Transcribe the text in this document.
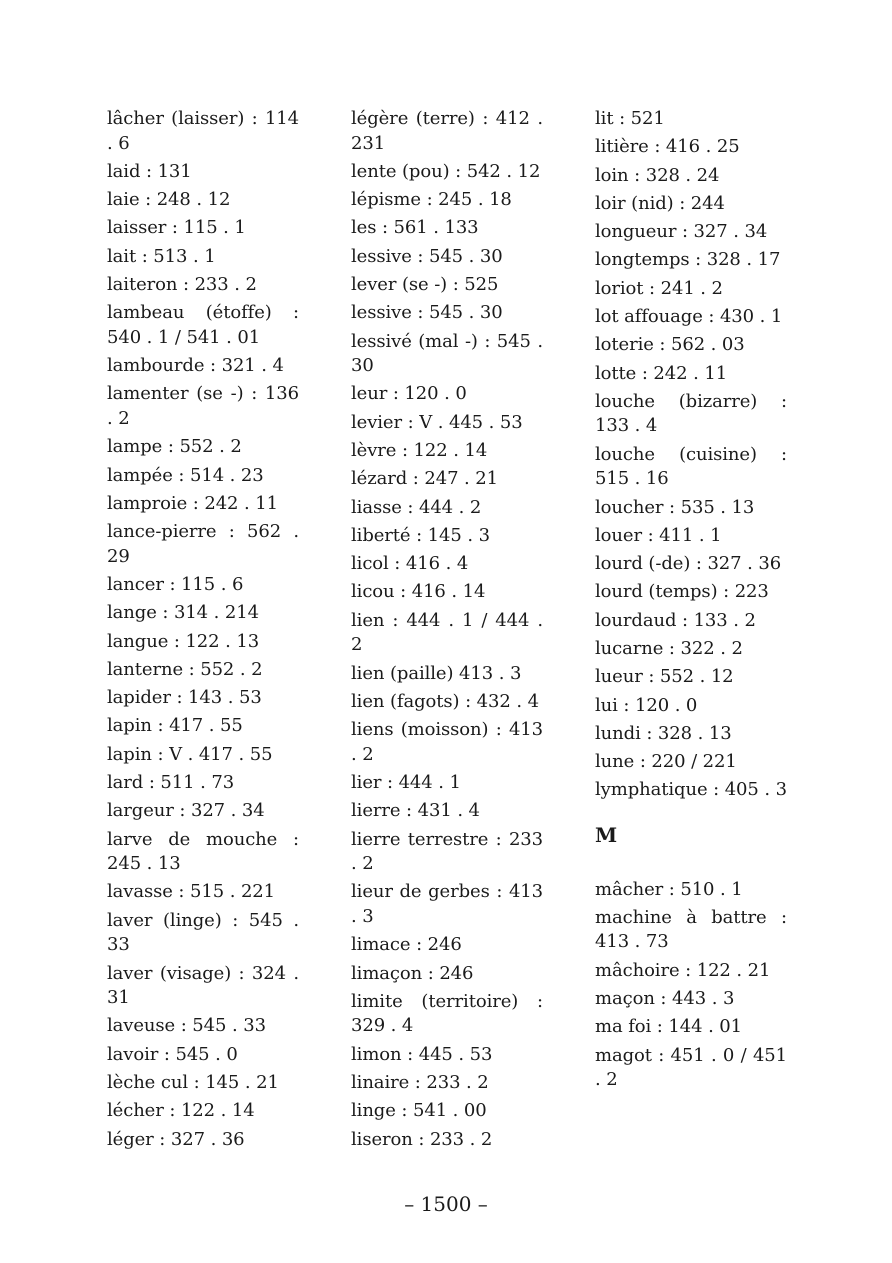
lâcher (laisser) : 114 . 6
laid : 131
laie : 248 . 12
laisser : 115 . 1
lait : 513 . 1
laiteron : 233 . 2
lambeau (étoffe) : 540 . 1 / 541 . 01
lambourde : 321 . 4
lamenter (se -) : 136 . 2
lampe : 552 . 2
lampée : 514 . 23
lamproie : 242 . 11
lance-pierre : 562 . 29
lancer : 115 . 6
lange : 314 . 214
langue : 122 . 13
lanterne : 552 . 2
lapider : 143 . 53
lapin : 417 . 55
lapin : V . 417 . 55
lard : 511 . 73
largeur : 327 . 34
larve de mouche : 245 . 13
lavasse : 515 . 221
laver (linge) : 545 . 33
laver (visage) : 324 . 31
laveuse : 545 . 33
lavoir : 545 . 0
lèche cul : 145 . 21
lécher : 122 . 14
léger : 327 . 36
légère (terre) : 412 . 231
lente (pou) : 542 . 12
lépisme : 245 . 18
les : 561 . 133
lessive : 545 . 30
lever (se -) : 525
lessive : 545 . 30
lessivé (mal -) : 545 . 30
leur : 120 . 0
levier : V . 445 . 53
lèvre : 122 . 14
lézard : 247 . 21
liasse : 444 . 2
liberté : 145 . 3
licol : 416 . 4
licou : 416 . 14
lien : 444 . 1 / 444 . 2
lien (paille) 413 . 3
lien (fagots) : 432 . 4
liens (moisson) : 413 . 2
lier : 444 . 1
lierre : 431 . 4
lierre terrestre : 233 . 2
lieur de gerbes : 413 . 3
limace : 246
limaçon : 246
limite (territoire) : 329 . 4
limon : 445 . 53
linaire : 233 . 2
linge : 541 . 00
liseron : 233 . 2
lit : 521
litière : 416 . 25
loin : 328 . 24
loir (nid) : 244
longueur : 327 . 34
longtemps : 328 . 17
loriot : 241 . 2
lot affouage : 430 . 1
loterie : 562 . 03
lotte : 242 . 11
louche (bizarre) : 133 . 4
louche (cuisine) : 515 . 16
loucher : 535 . 13
louer : 411 . 1
lourd (-de) : 327 . 36
lourd (temps) : 223
lourdaud : 133 . 2
lucarne : 322 . 2
lueur : 552 . 12
lui : 120 . 0
lundi : 328 . 13
lune : 220 / 221
lymphatique : 405 . 3
M
mâcher : 510 . 1
machine à battre : 413 . 73
mâchoire : 122 . 21
maçon : 443 . 3
ma foi : 144 . 01
magot : 451 . 0 / 451 . 2
– 1500 –
